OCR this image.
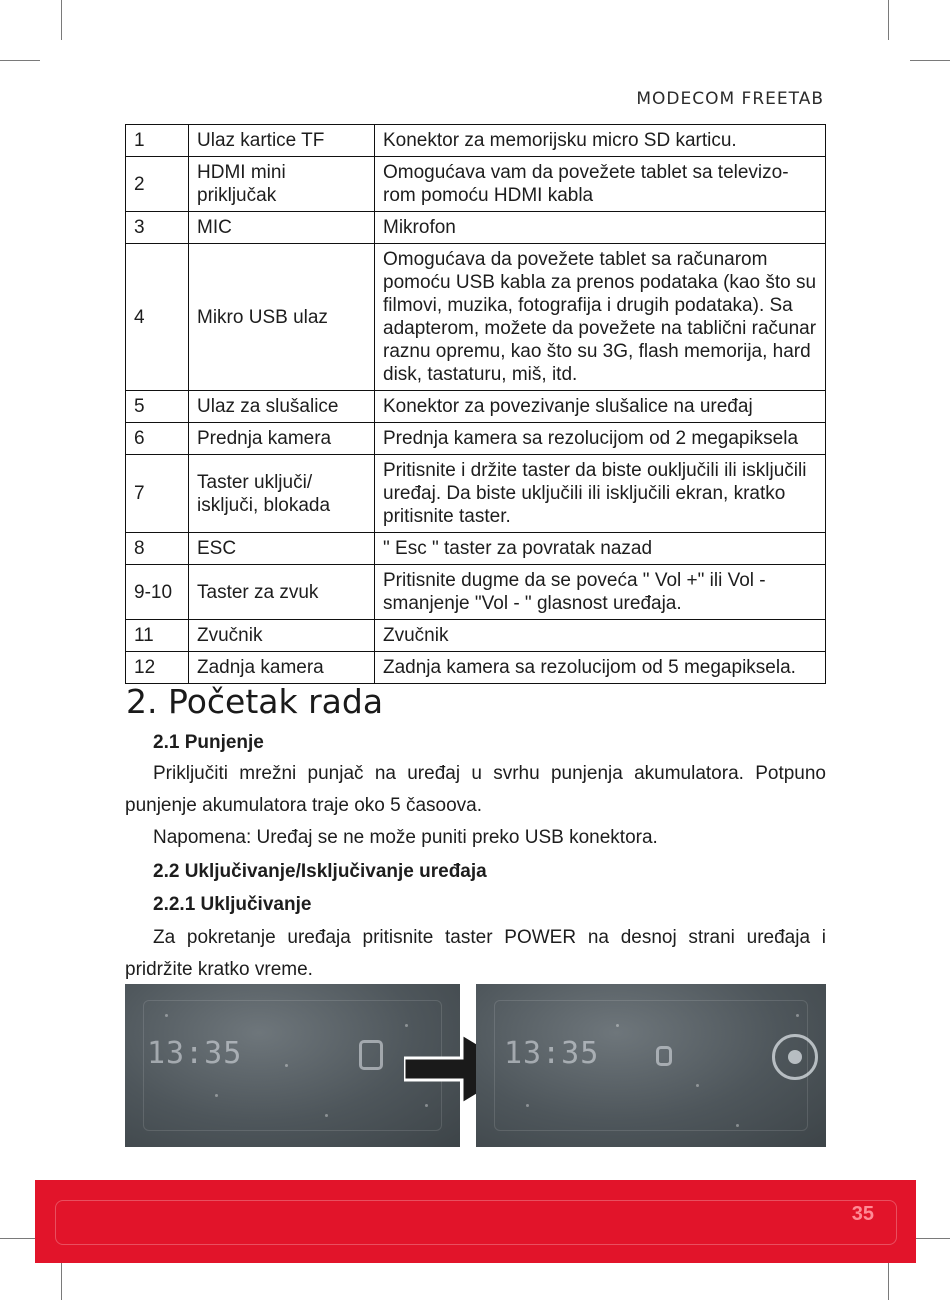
MODECOM FREETAB
1	Ulaz kartice TF	Konektor za memorijsku micro SD karticu.
2	HDMI mini priključak	Omogućava vam da povežete tablet sa televizo-rom pomoću HDMI kabla
3	MIC	Mikrofon
4	Mikro USB ulaz	Omogućava da povežete tablet sa računarom pomoću USB kabla za prenos podataka (kao što su filmovi, muzika, fotografija i drugih podataka). Sa adapterom, možete da povežete na tablični računar raznu opremu, kao što su 3G, flash memorija, hard disk, tastaturu, miš, itd.
5	Ulaz za slušalice	Konektor za povezivanje slušalice na uređaj
6	Prednja kamera	Prednja kamera sa rezolucijom od 2 megapiksela
7	Taster uključi/ isključi, blokada	Pritisnite i držite taster da biste ouključili ili isključili uređaj. Da biste uključili ili isključili ekran, kratko pritisnite taster.
8	ESC	" Esc " taster za povratak nazad
9-10	Taster za zvuk	Pritisnite dugme da se poveća " Vol +" ili Vol - smanjenje "Vol - " glasnost uređaja.
11	Zvučnik	Zvučnik
12	Zadnja kamera	Zadnja kamera sa rezolucijom od 5 megapiksela.
2. Početak rada
2.1 Punjenje

Priključiti mrežni punjač na uređaj u svrhu punjenja akumulatora. Potpuno punjenje akumulatora traje oko 5 časoova.

Napomena: Uređaj se ne može puniti preko USB konektora.

2.2 Uključivanje/Isključivanje uređaja
2.2.1 Uključivanje

Za pokretanje uređaja pritisnite taster POWER na desnoj strani uređaja i pridržite kratko vreme.

13:35	13:35
35
